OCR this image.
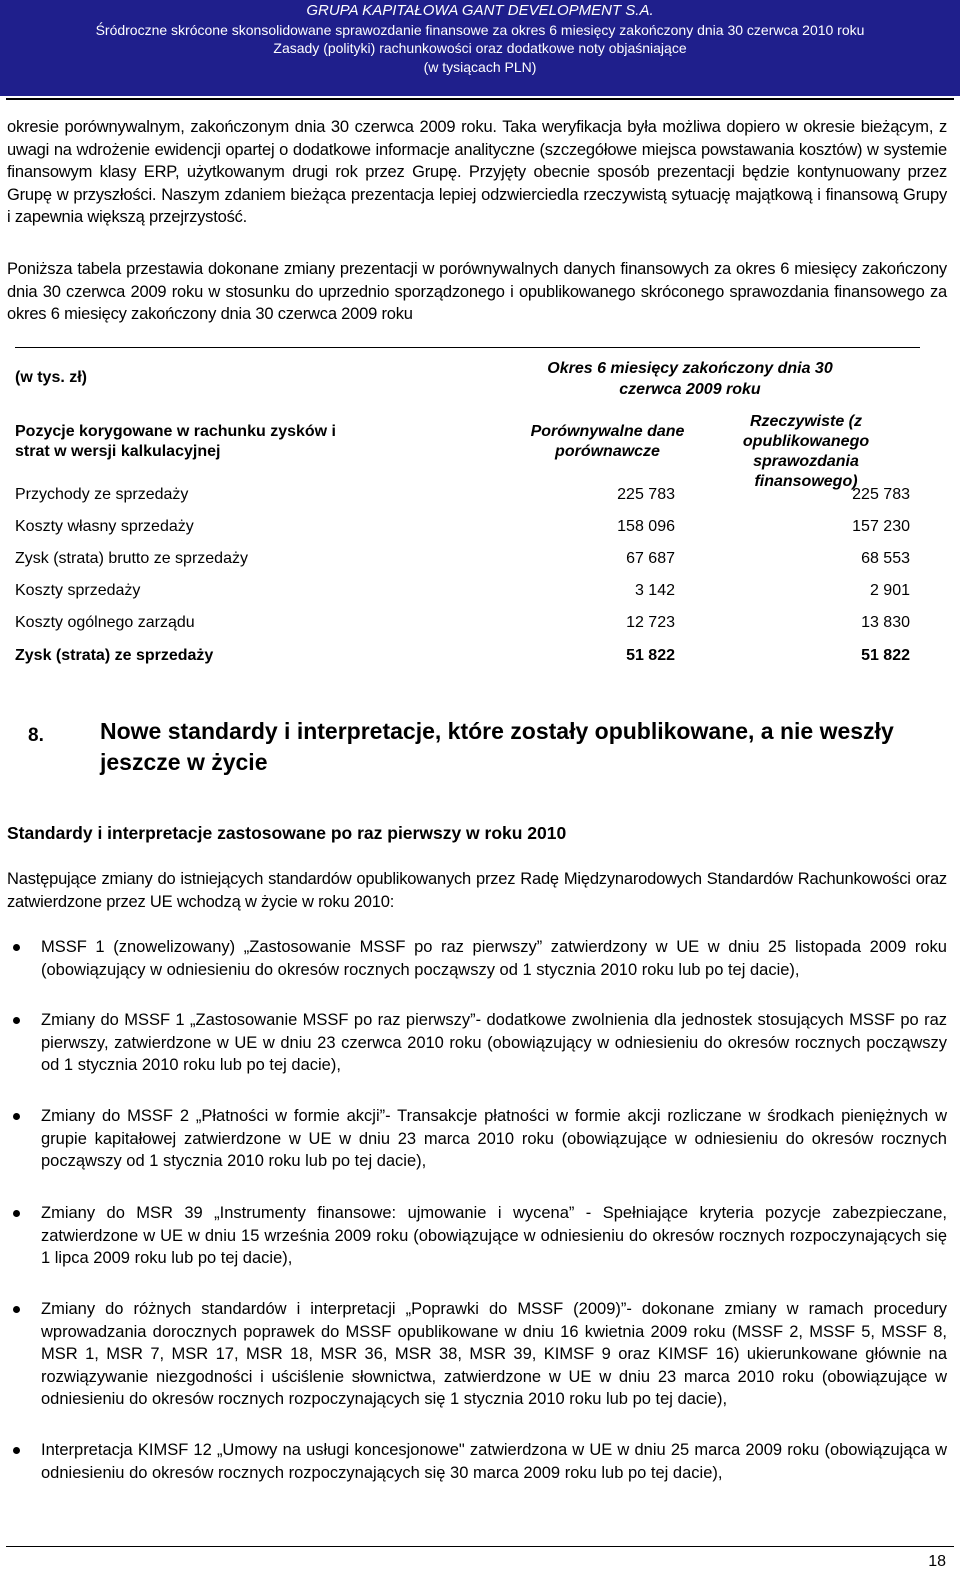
GRUPA KAPITAŁOWA GANT DEVELOPMENT S.A.
Śródroczne skrócone skonsolidowane sprawozdanie finansowe za okres 6 miesięcy zakończony dnia 30 czerwca 2010 roku
Zasady (polityki) rachunkowości oraz dodatkowe noty objaśniające
(w tysiącach PLN)
okresie porównywalnym, zakończonym dnia 30 czerwca 2009 roku. Taka weryfikacja była możliwa dopiero w okresie bieżącym, z uwagi na wdrożenie ewidencji opartej o dodatkowe informacje analityczne (szczegółowe miejsca powstawania kosztów) w systemie finansowym klasy ERP, użytkowanym drugi rok przez Grupę. Przyjęty obecnie sposób prezentacji będzie kontynuowany przez Grupę w przyszłości. Naszym zdaniem bieżąca prezentacja lepiej odzwierciedla rzeczywistą sytuację majątkową i finansową Grupy i zapewnia większą przejrzystość.
Poniższa tabela przestawia dokonane zmiany prezentacji w porównywalnych danych finansowych za okres 6 miesięcy zakończony dnia 30 czerwca 2009 roku w stosunku do uprzednio sporządzonego i opublikowanego skróconego sprawozdania finansowego za okres 6 miesięcy zakończony dnia 30 czerwca 2009 roku
(w tys. zł)
Pozycje korygowane w rachunku zysków i strat w wersji kalkulacyjnej
Okres 6 miesięcy zakończony dnia 30 czerwca 2009 roku
Porównywalne dane porównawcze
Rzeczywiste (z opublikowanego sprawozdania finansowego)
Przychody ze sprzedaży	225 783	225 783
Koszty własny sprzedaży	158 096	157 230
Zysk (strata) brutto ze sprzedaży	67 687	68 553
Koszty sprzedaży	3 142	2 901
Koszty ogólnego zarządu	12 723	13 830
Zysk (strata) ze sprzedaży	51 822	51 822
8. Nowe standardy i interpretacje, które zostały opublikowane, a nie weszły jeszcze w życie
Standardy i interpretacje zastosowane po raz pierwszy w roku 2010
Następujące zmiany do istniejących standardów opublikowanych przez Radę Międzynarodowych Standardów Rachunkowości oraz zatwierdzone przez UE wchodzą w życie w roku 2010:
MSSF 1 (znowelizowany) „Zastosowanie MSSF po raz pierwszy” zatwierdzony w UE w dniu 25 listopada 2009 roku (obowiązujący w odniesieniu do okresów rocznych począwszy od 1 stycznia 2010 roku lub po tej dacie),
Zmiany do MSSF 1 „Zastosowanie MSSF po raz pierwszy”- dodatkowe zwolnienia dla jednostek stosujących MSSF po raz pierwszy, zatwierdzone w UE w dniu 23 czerwca 2010 roku (obowiązujący w odniesieniu do okresów rocznych począwszy od 1 stycznia 2010 roku lub po tej dacie),
Zmiany do MSSF 2 „Płatności w formie akcji”- Transakcje płatności w formie akcji rozliczane w środkach pieniężnych w grupie kapitałowej zatwierdzone w UE w dniu 23 marca 2010 roku (obowiązujące w odniesieniu do okresów rocznych począwszy od 1 stycznia 2010 roku lub po tej dacie),
Zmiany do MSR 39 „Instrumenty finansowe: ujmowanie i wycena” - Spełniające kryteria pozycje zabezpieczane, zatwierdzone w UE w dniu 15 września 2009 roku (obowiązujące w odniesieniu do okresów rocznych rozpoczynających się 1 lipca 2009 roku lub po tej dacie),
Zmiany do różnych standardów i interpretacji „Poprawki do MSSF (2009)”- dokonane zmiany w ramach procedury wprowadzania dorocznych poprawek do MSSF opublikowane w dniu 16 kwietnia 2009 roku (MSSF 2, MSSF 5, MSSF 8, MSR 1, MSR 7, MSR 17, MSR 18, MSR 36, MSR 38, MSR 39, KIMSF 9 oraz KIMSF 16) ukierunkowane głównie na rozwiązywanie niezgodności i uściślenie słownictwa, zatwierdzone w UE w dniu 23 marca 2010 roku (obowiązujące w odniesieniu do okresów rocznych rozpoczynających się 1 stycznia 2010 roku lub po tej dacie),
Interpretacja KIMSF 12 „Umowy na usługi koncesjonowe" zatwierdzona w UE w dniu 25 marca 2009 roku (obowiązująca w odniesieniu do okresów rocznych rozpoczynających się 30 marca 2009 roku lub po tej dacie),
18
